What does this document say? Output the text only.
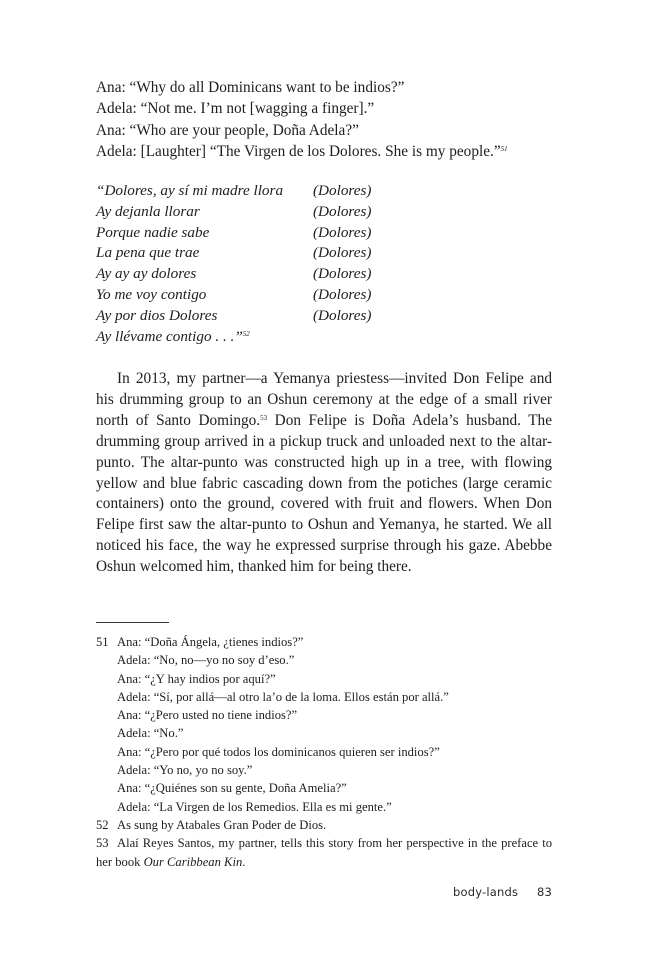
Ana: “Why do all Dominicans want to be indios?”

Adela: “Not me. I’m not [wagging a finger].”

Ana: “Who are your people, Doña Adela?”

Adela: [Laughter] “The Virgen de los Dolores. She is my people.”$^{51}$

“Dolores, ay sí mi madre llora (Dolores)
Ay dejanla llorar	(Dolores)
Porque nadie sabe	(Dolores)
La pena que trae	(Dolores)
Ay ay ay dolores	(Dolores)
Yo me voy contigo	(Dolores)
Ay por dios Dolores	(Dolores)
Ay llévame contigo . . .”$^{52}$

In 2013, my partner—a Yemanya priestess—invited Don Felipe and his drumming group to an Oshun ceremony at the edge of a small river north of Santo Domingo.$^{53}$ Don Felipe is Doña Adela’s husband. The drumming group arrived in a pickup truck and unloaded next to the altar-punto. The altar-punto was constructed high up in a tree, with flowing yellow and blue fabric cascading down from the potiches (large ceramic containers) onto the ground, covered with fruit and flowers. When Don Felipe first saw the altar-punto to Oshun and Yemanya, he started. We all noticed his face, the way he expressed surprise through his gaze. Abebbe Oshun welcomed him, thanked him for being there.

51 Ana: “Doña Ángela, ¿tienes indios?”
Adela: “No, no—yo no soy d’eso.”
Ana: “¿Y hay indios por aquí?”
Adela: “Sí, por allá—al otro la’o de la loma. Ellos están por allá.”
Ana: “¿Pero usted no tiene indios?”
Adela: “No.”
Ana: “¿Pero por qué todos los dominicanos quieren ser indios?”
Adela: “Yo no, yo no soy.”
Ana: “¿Quiénes son su gente, Doña Amelia?”
Adela: “La Virgen de los Remedios. Ella es mi gente.”
52 As sung by Atabales Gran Poder de Dios.
53 Alaí Reyes Santos, my partner, tells this story from her perspective in the preface to her book Our Caribbean Kin.
body-lands 83
